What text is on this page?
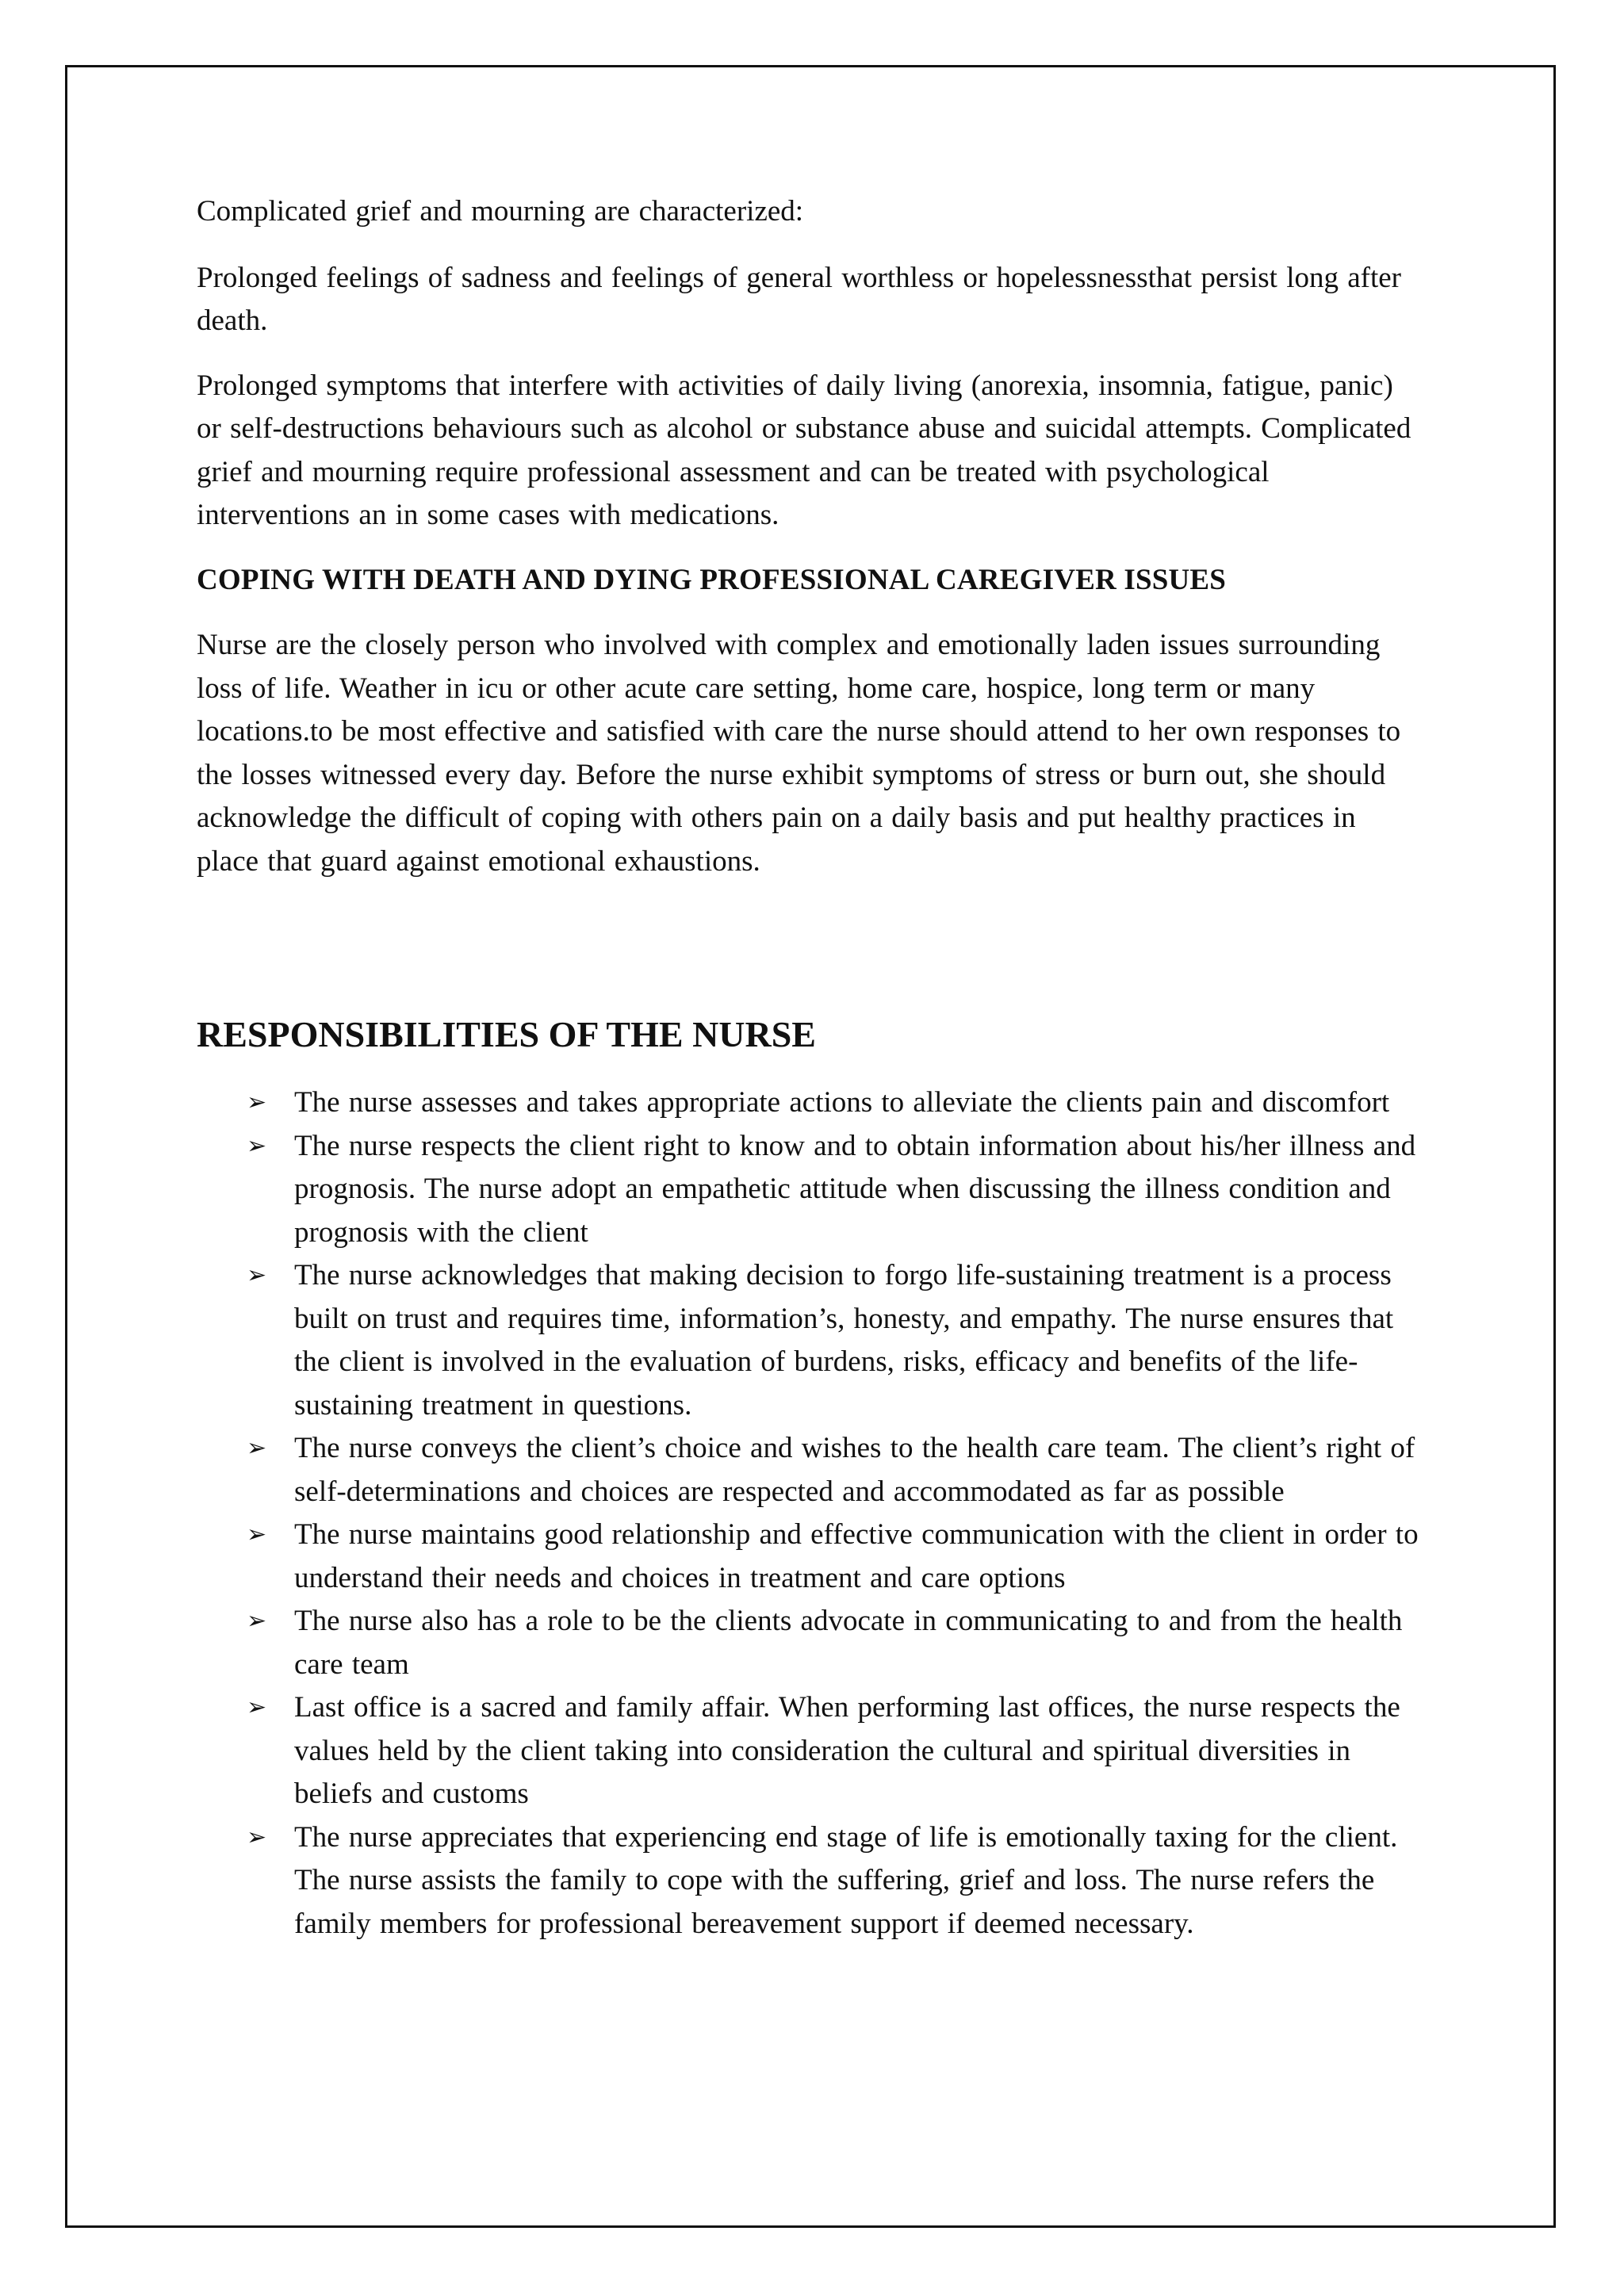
Complicated grief and mourning are characterized:

Prolonged feelings of sadness and feelings of general worthless or hopelessnessthat persist long after death.

Prolonged symptoms that interfere with activities of daily living (anorexia, insomnia, fatigue, panic) or self-destructions behaviours such as alcohol or substance abuse and suicidal attempts. Complicated grief and mourning require professional assessment and can be treated with psychological interventions an in some cases with medications.

COPING WITH DEATH AND DYING PROFESSIONAL CAREGIVER ISSUES

Nurse are the closely person who involved with complex and emotionally laden issues surrounding loss of life. Weather in icu or other acute care setting, home care, hospice, long term or many locations.to be most effective and satisfied with care the nurse should attend to her own responses to the losses witnessed every day. Before the nurse exhibit symptoms of stress or burn out, she should acknowledge the difficult of coping with others pain on a daily basis and put healthy practices in place that guard against emotional exhaustions.

RESPONSIBILITIES OF THE NURSE
➢ The nurse assesses and takes appropriate actions to alleviate the clients pain and discomfort
➢ The nurse respects the client right to know and to obtain information about his/her illness and prognosis. The nurse adopt an empathetic attitude when discussing the illness condition and prognosis with the client
➢ The nurse acknowledges that making decision to forgo life-sustaining treatment is a process built on trust and requires time, information’s, honesty, and empathy. The nurse ensures that the client is involved in the evaluation of burdens, risks, efficacy and benefits of the life-sustaining treatment in questions.
➢ The nurse conveys the client’s choice and wishes to the health care team. The client’s right of self-determinations and choices are respected and accommodated as far as possible
➢ The nurse maintains good relationship and effective communication with the client in order to understand their needs and choices in treatment and care options
➢ The nurse also has a role to be the clients advocate in communicating to and from the health care team
➢ Last office is a sacred and family affair. When performing last offices, the nurse respects the values held by the client taking into consideration the cultural and spiritual diversities in beliefs and customs
➢ The nurse appreciates that experiencing end stage of life is emotionally taxing for the client. The nurse assists the family to cope with the suffering, grief and loss. The nurse refers the family members for professional bereavement support if deemed necessary.
